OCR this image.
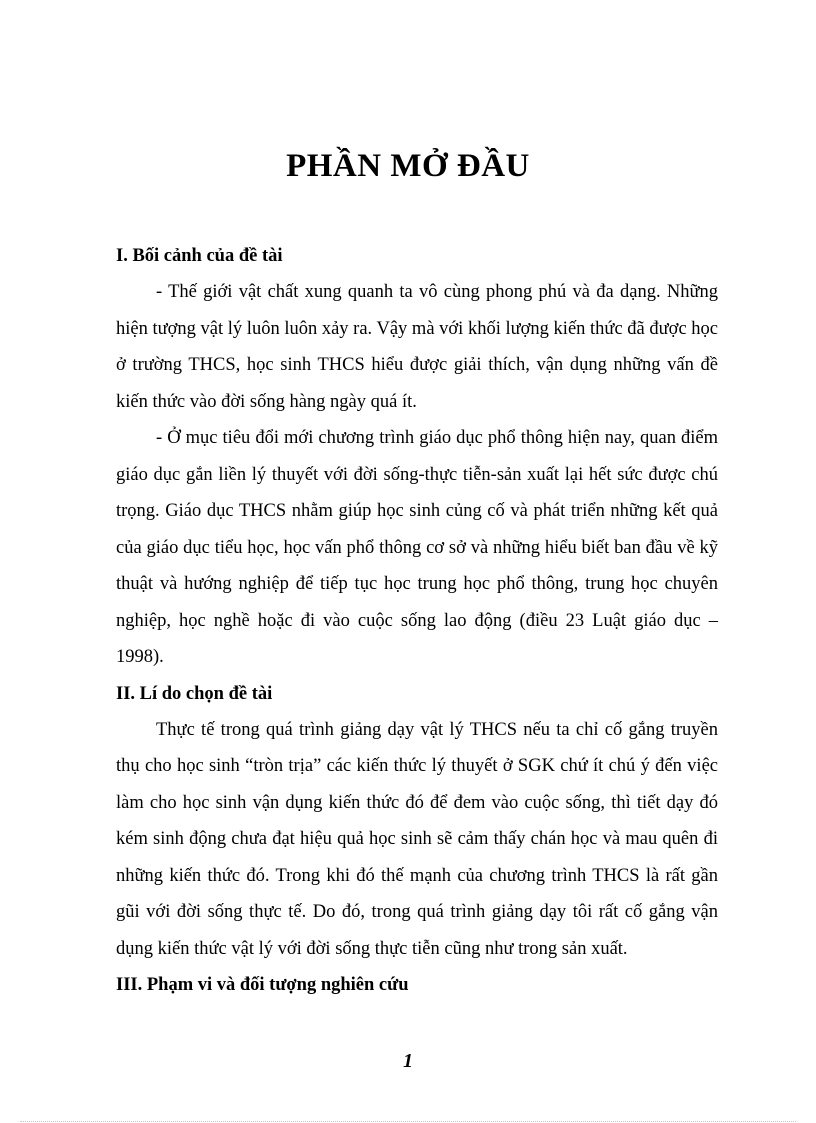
PHẦN MỞ ĐẦU
I. Bối cảnh của đề tài

- Thế giới vật chất xung quanh ta vô cùng phong phú và đa dạng. Những hiện tượng vật lý luôn luôn xảy ra. Vậy mà với khối lượng kiến thức đã được học ở trường THCS, học sinh THCS hiểu được giải thích, vận dụng những vấn đề kiến thức vào đời sống hàng ngày quá ít.

- Ở mục tiêu đổi mới chương trình giáo dục phổ thông hiện nay, quan điểm giáo dục gắn liền lý thuyết với đời sống-thực tiễn-sản xuất lại hết sức được chú trọng. Giáo dục THCS nhằm giúp học sinh củng cố và phát triển những kết quả của giáo dục tiểu học, học vấn phổ thông cơ sở và những hiểu biết ban đầu về kỹ thuật và hướng nghiệp để tiếp tục học trung học phổ thông, trung học chuyên nghiệp, học nghề hoặc đi vào cuộc sống lao động (điều 23 Luật giáo dục – 1998).

II. Lí do chọn đề tài

Thực tế trong quá trình giảng dạy vật lý THCS nếu ta chỉ cố gắng truyền thụ cho học sinh “tròn trịa” các kiến thức lý thuyết ở SGK chứ ít chú ý đến việc làm cho học sinh vận dụng kiến thức đó để đem vào cuộc sống, thì tiết dạy đó kém sinh động chưa đạt hiệu quả học sinh sẽ cảm thấy chán học và mau quên đi những kiến thức đó. Trong khi đó thế mạnh của chương trình THCS là rất gần gũi với đời sống thực tế. Do đó, trong quá trình giảng dạy tôi rất cố gắng vận dụng kiến thức vật lý với đời sống thực tiễn cũng như trong sản xuất.

III. Phạm vi và đối tượng nghiên cứu
1
